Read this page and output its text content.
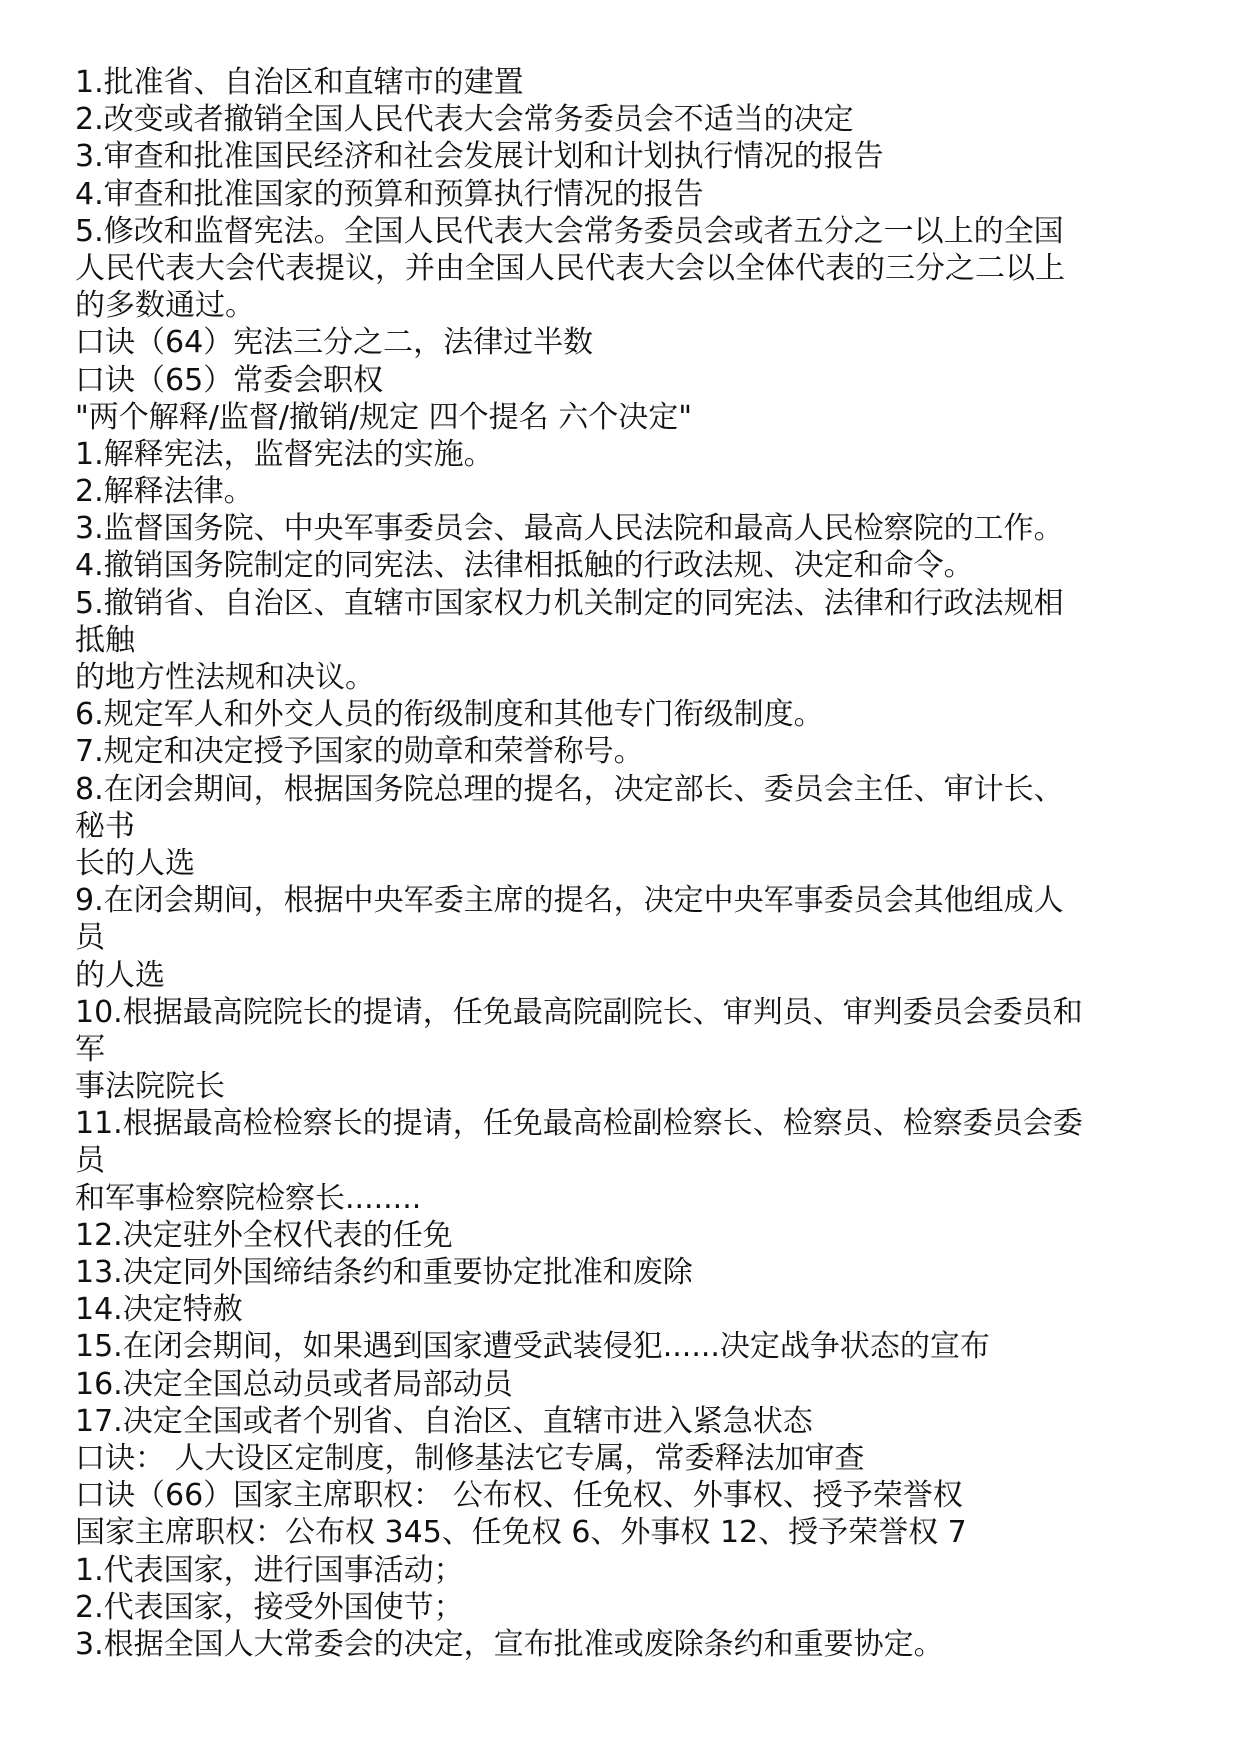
1.批准省、自治区和直辖市的建置
2.改变或者撤销全国人民代表大会常务委员会不适当的决定
3.审查和批准国民经济和社会发展计划和计划执行情况的报告
4.审查和批准国家的预算和预算执行情况的报告
5.修改和监督宪法。全国人民代表大会常务委员会或者五分之一以上的全国
人民代表大会代表提议，并由全国人民代表大会以全体代表的三分之二以上
的多数通过。
口诀（64）宪法三分之二，法律过半数
口诀（65）常委会职权
"两个解释/监督/撤销/规定 四个提名 六个决定"
1.解释宪法，监督宪法的实施。
2.解释法律。
3.监督国务院、中央军事委员会、最高人民法院和最高人民检察院的工作。
4.撤销国务院制定的同宪法、法律相抵触的行政法规、决定和命令。
5.撤销省、自治区、直辖市国家权力机关制定的同宪法、法律和行政法规相
抵触
的地方性法规和决议。
6.规定军人和外交人员的衔级制度和其他专门衔级制度。
7.规定和决定授予国家的勋章和荣誉称号。
8.在闭会期间，根据国务院总理的提名，决定部长、委员会主任、审计长、
秘书
长的人选
9.在闭会期间，根据中央军委主席的提名，决定中央军事委员会其他组成人
员
的人选
10.根据最高院院长的提请，任免最高院副院长、审判员、审判委员会委员和
军
事法院院长
11.根据最高检检察长的提请，任免最高检副检察长、检察员、检察委员会委
员
和军事检察院检察长........
12.决定驻外全权代表的任免
13.决定同外国缔结条约和重要协定批准和废除
14.决定特赦
15.在闭会期间，如果遇到国家遭受武装侵犯......决定战争状态的宣布
16.决定全国总动员或者局部动员
17.决定全国或者个别省、自治区、直辖市进入紧急状态
口诀： 人大设区定制度，制修基法它专属，常委释法加审查
口诀（66）国家主席职权： 公布权、任免权、外事权、授予荣誉权
国家主席职权：公布权 345、任免权 6、外事权 12、授予荣誉权 7
1.代表国家，进行国事活动；
2.代表国家，接受外国使节；
3.根据全国人大常委会的决定，宣布批准或废除条约和重要协定。
